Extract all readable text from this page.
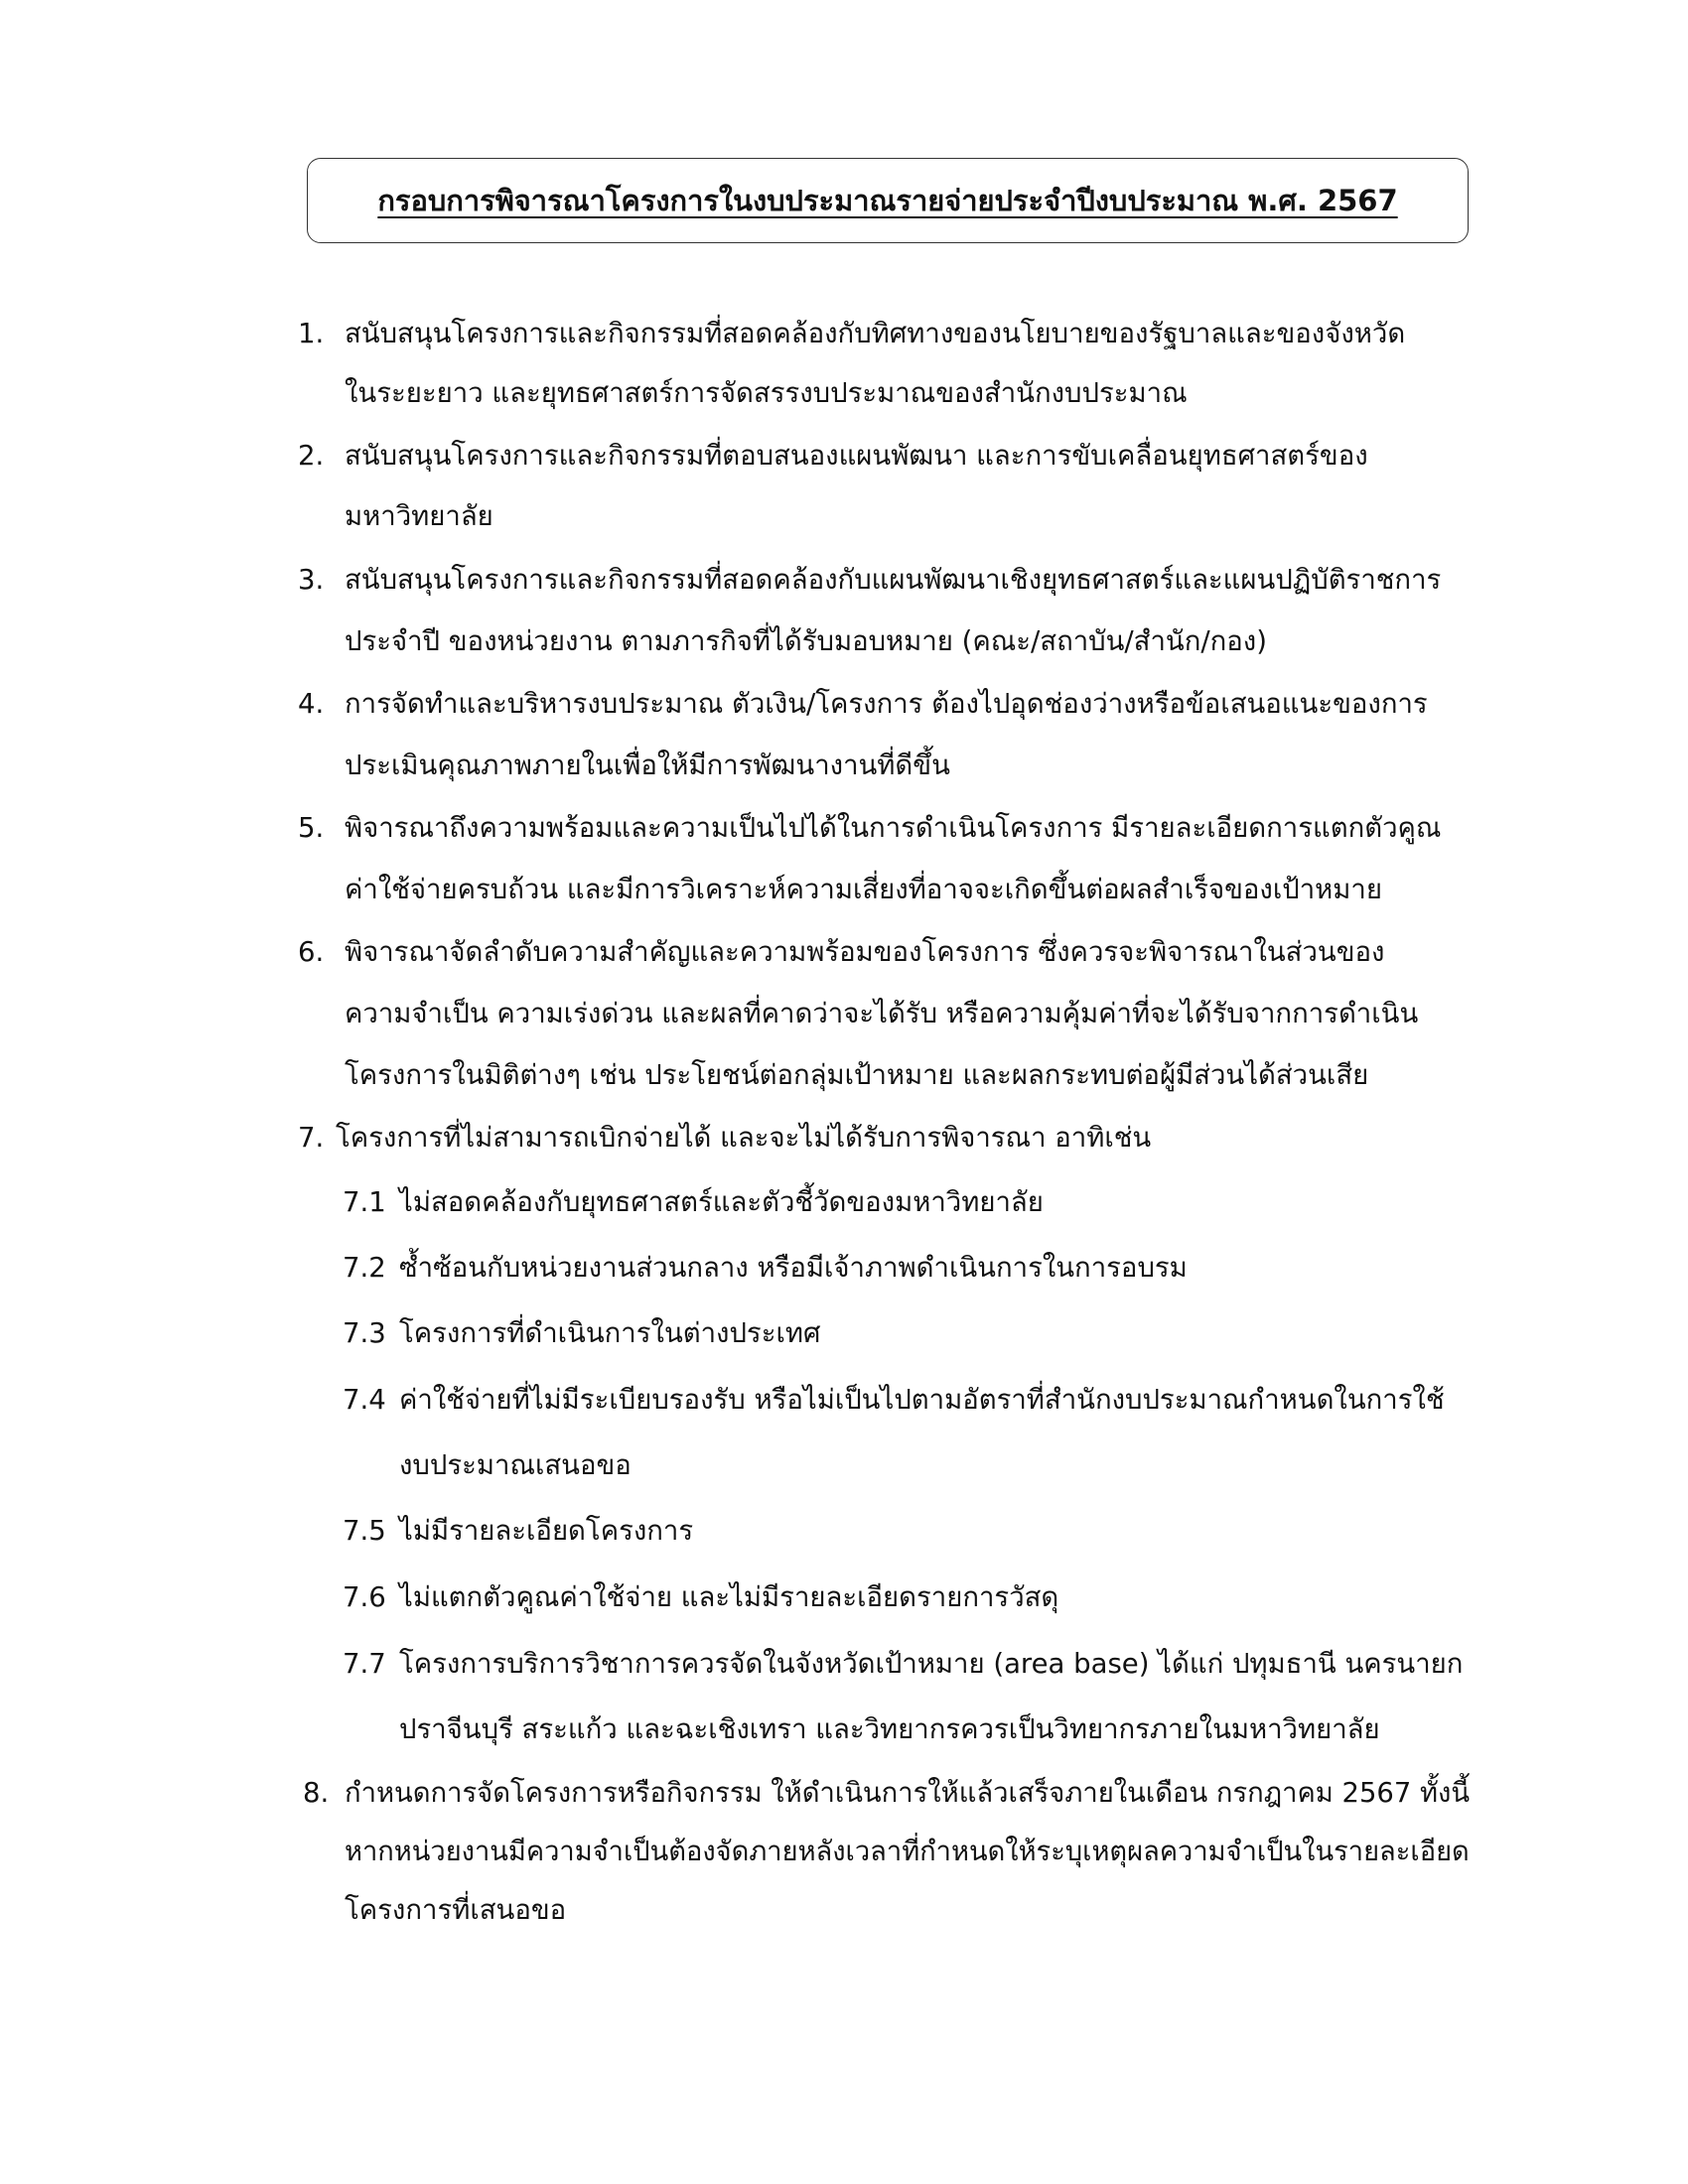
กรอบการพิจารณาโครงการในงบประมาณรายจ่ายประจำปีงบประมาณ พ.ศ. 2567
1. สนับสนุนโครงการและกิจกรรมที่สอดคล้องกับทิศทางของนโยบายของรัฐบาลและของจังหวัด
ในระยะยาว และยุทธศาสตร์การจัดสรรงบประมาณของสำนักงบประมาณ
2. สนับสนุนโครงการและกิจกรรมที่ตอบสนองแผนพัฒนา และการขับเคลื่อนยุทธศาสตร์ของ
มหาวิทยาลัย
3. สนับสนุนโครงการและกิจกรรมที่สอดคล้องกับแผนพัฒนาเชิงยุทธศาสตร์และแผนปฏิบัติราชการ
ประจำปี ของหน่วยงาน ตามภารกิจที่ได้รับมอบหมาย (คณะ/สถาบัน/สำนัก/กอง)
4. การจัดทำและบริหารงบประมาณ ตัวเงิน/โครงการ ต้องไปอุดช่องว่างหรือข้อเสนอแนะของการ
ประเมินคุณภาพภายในเพื่อให้มีการพัฒนางานที่ดีขึ้น
5. พิจารณาถึงความพร้อมและความเป็นไปได้ในการดำเนินโครงการ มีรายละเอียดการแตกตัวคูณ
ค่าใช้จ่ายครบถ้วน และมีการวิเคราะห์ความเสี่ยงที่อาจจะเกิดขึ้นต่อผลสำเร็จของเป้าหมาย
6. พิจารณาจัดลำดับความสำคัญและความพร้อมของโครงการ ซึ่งควรจะพิจารณาในส่วนของ
ความจำเป็น ความเร่งด่วน และผลที่คาดว่าจะได้รับ หรือความคุ้มค่าที่จะได้รับจากการดำเนิน
โครงการในมิติต่างๆ เช่น ประโยชน์ต่อกลุ่มเป้าหมาย และผลกระทบต่อผู้มีส่วนได้ส่วนเสีย
7. โครงการที่ไม่สามารถเบิกจ่ายได้ และจะไม่ได้รับการพิจารณา อาทิเช่น
7.1 ไม่สอดคล้องกับยุทธศาสตร์และตัวชี้วัดของมหาวิทยาลัย
7.2 ซ้ำซ้อนกับหน่วยงานส่วนกลาง หรือมีเจ้าภาพดำเนินการในการอบรม
7.3 โครงการที่ดำเนินการในต่างประเทศ
7.4 ค่าใช้จ่ายที่ไม่มีระเบียบรองรับ หรือไม่เป็นไปตามอัตราที่สำนักงบประมาณกำหนดในการใช้
งบประมาณเสนอขอ
7.5 ไม่มีรายละเอียดโครงการ
7.6 ไม่แตกตัวคูณค่าใช้จ่าย และไม่มีรายละเอียดรายการวัสดุ
7.7 โครงการบริการวิชาการควรจัดในจังหวัดเป้าหมาย (area base) ได้แก่ ปทุมธานี นครนายก
ปราจีนบุรี สระแก้ว และฉะเชิงเทรา และวิทยากรควรเป็นวิทยากรภายในมหาวิทยาลัย
8. กำหนดการจัดโครงการหรือกิจกรรม ให้ดำเนินการให้แล้วเสร็จภายในเดือน กรกฎาคม 2567 ทั้งนี้
หากหน่วยงานมีความจำเป็นต้องจัดภายหลังเวลาที่กำหนดให้ระบุเหตุผลความจำเป็นในรายละเอียด
โครงการที่เสนอขอ
